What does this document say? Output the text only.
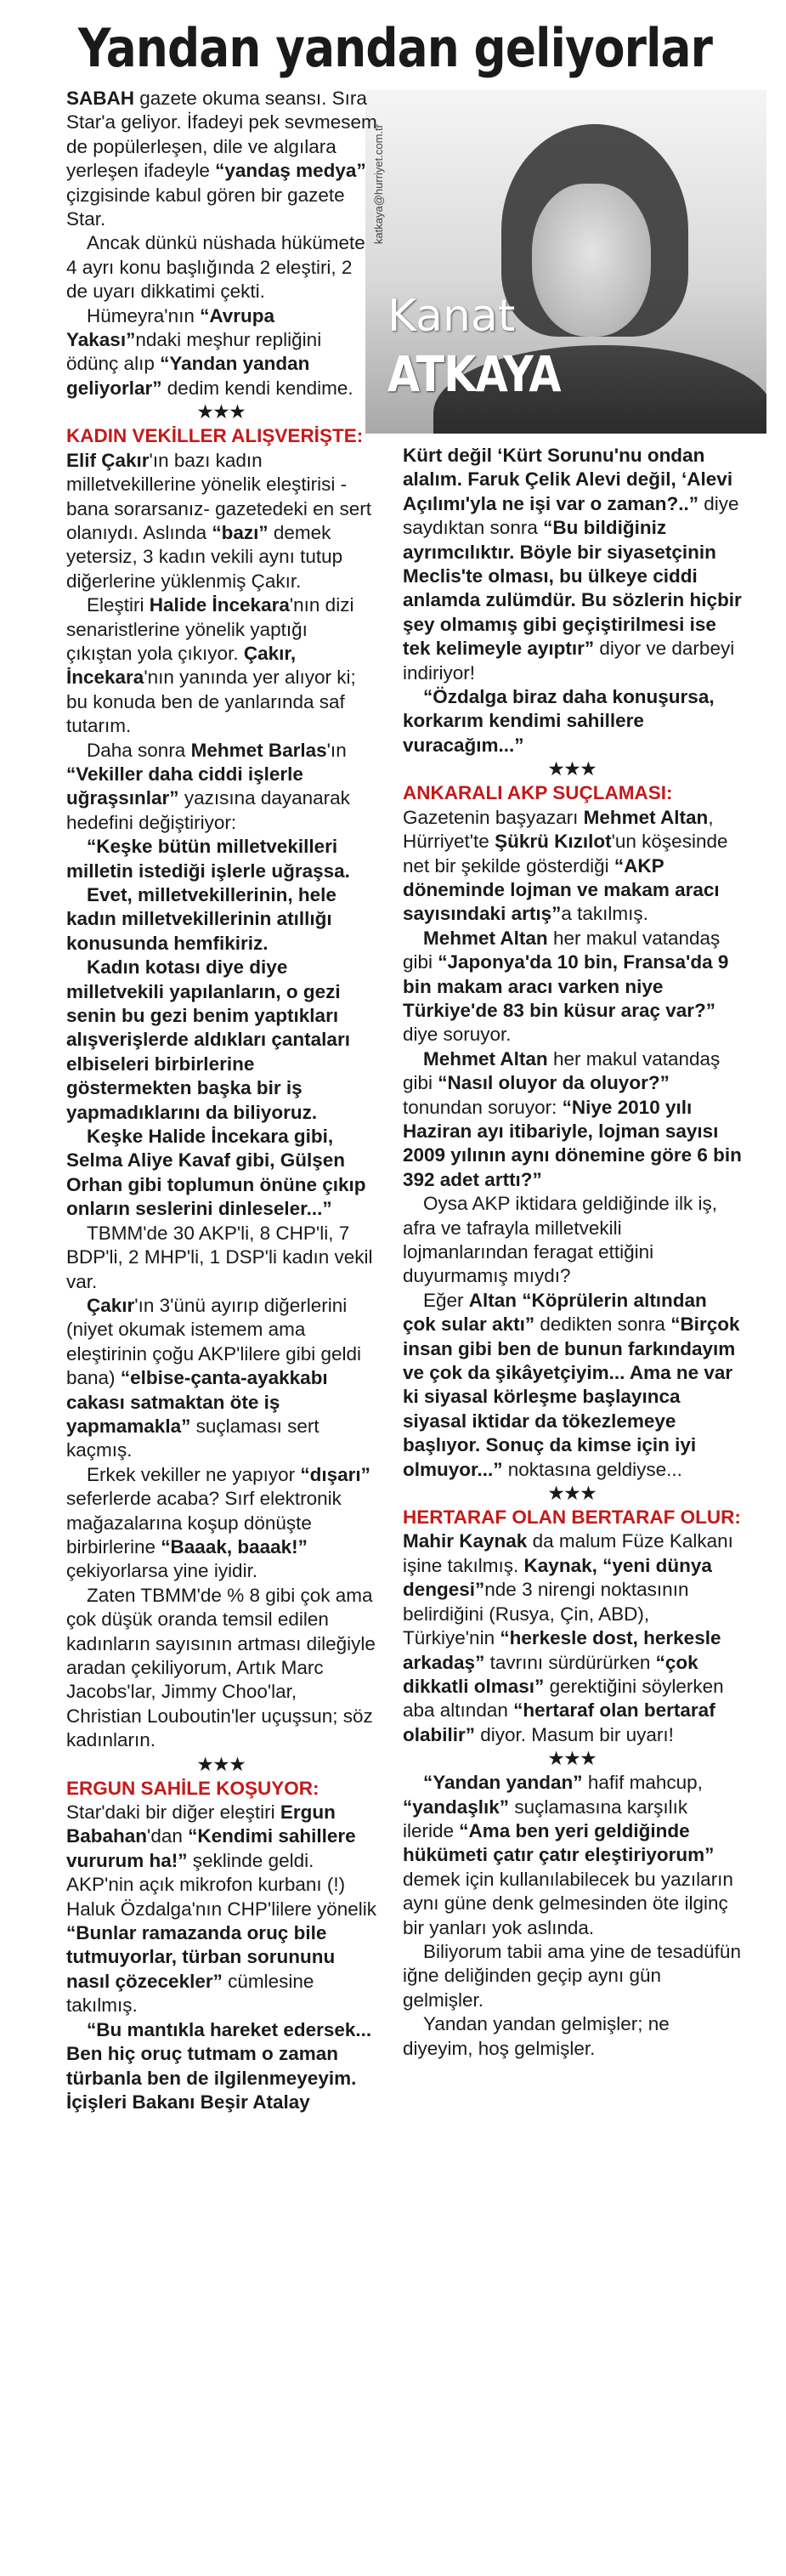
Yandan yandan geliyorlar
katkaya@hurriyet.com.tr
Kanat
ATKAYA

SABAH gazete okuma seansı. Sıra Star'a geliyor. İfadeyi pek sevmesem de popülerleşen, dile ve algılara yerleşen ifadeyle “yandaş medya” çizgisinde kabul gören bir gazete Star.

Ancak dünkü nüshada hükümete 4 ayrı konu başlığında 2 eleştiri, 2 de uyarı dikkatimi çekti.

Hümeyra'nın “Avrupa Yakası”ndaki meşhur repliğini ödünç alıp “Yandan yandan geliyorlar” dedim kendi kendime.

★★★

KADIN VEKİLLER ALIŞVERİŞTE: Elif Çakır'ın bazı kadın milletvekillerine yönelik eleştirisi -bana sorarsanız- gazetedeki en sert olanıydı. Aslında “bazı” demek yetersiz, 3 kadın vekili aynı tutup diğerlerine yüklenmiş Çakır.

Eleştiri Halide İncekara'nın dizi senaristlerine yönelik yaptığı çıkıştan yola çıkıyor. Çakır, İncekara'nın yanında yer alıyor ki; bu konuda ben de yanlarında saf tutarım.

Daha sonra Mehmet Barlas'ın “Vekiller daha ciddi işlerle uğraşsınlar” yazısına dayanarak hedefini değiştiriyor:

“Keşke bütün milletvekilleri milletin istediği işlerle uğraşsa.

Evet, milletvekillerinin, hele kadın milletvekillerinin atıllığı konusunda hemfikiriz.

Kadın kotası diye diye milletvekili yapılanların, o gezi senin bu gezi benim yaptıkları alışverişlerde aldıkları çantaları elbiseleri birbirlerine göstermekten başka bir iş yapmadıklarını da biliyoruz.

Keşke Halide İncekara gibi, Selma Aliye Kavaf gibi, Gülşen Orhan gibi toplumun önüne çıkıp onların seslerini dinleseler...”

TBMM'de 30 AKP'li, 8 CHP'li, 7 BDP'li, 2 MHP'li, 1 DSP'li kadın vekil var.

Çakır'ın 3'ünü ayırıp diğerlerini (niyet okumak istemem ama eleştirinin çoğu AKP'lilere gibi geldi bana) “elbise-çanta-ayakkabı cakası satmaktan öte iş yapmamakla” suçlaması sert kaçmış.

Erkek vekiller ne yapıyor “dışarı” seferlerde acaba? Sırf elektronik mağazalarına koşup dönüşte birbirlerine “Baaak, baaak!” çekiyorlarsa yine iyidir.

Zaten TBMM'de % 8 gibi çok ama çok düşük oranda temsil edilen kadınların sayısının artması dileğiyle aradan çekiliyorum, Artık Marc Jacobs'lar, Jimmy Choo'lar, Christian Louboutin'ler uçuşsun; söz kadınların.

★★★

ERGUN SAHİLE KOŞUYOR: Star'daki bir diğer eleştiri Ergun Babahan'dan “Kendimi sahillere vururum ha!” şeklinde geldi. AKP'nin açık mikrofon kurbanı (!) Haluk Özdalga'nın CHP'lilere yönelik “Bunlar ramazanda oruç bile tutmuyorlar, türban sorununu nasıl çözecekler” cümlesine takılmış.

“Bu mantıkla hareket edersek... Ben hiç oruç tutmam o zaman türbanla ben de ilgilenmeyeyim. İçişleri Bakanı Beşir Atalay

Kürt değil ‘Kürt Sorunu'nu ondan alalım. Faruk Çelik Alevi değil, ‘Alevi Açılımı'yla ne işi var o zaman?..” diye saydıktan sonra “Bu bildiğiniz ayrımcılıktır. Böyle bir siyasetçinin Meclis'te olması, bu ülkeye ciddi anlamda zulümdür. Bu sözlerin hiçbir şey olmamış gibi geçiştirilmesi ise tek kelimeyle ayıptır” diyor ve darbeyi indiriyor!

“Özdalga biraz daha konuşursa, korkarım kendimi sahillere vuracağım...”

★★★

ANKARALI AKP SUÇLAMASI: Gazetenin başyazarı Mehmet Altan, Hürriyet'te Şükrü Kızılot'un köşesinde net bir şekilde gösterdiği “AKP döneminde lojman ve makam aracı sayısındaki artış”a takılmış.

Mehmet Altan her makul vatandaş gibi “Japonya'da 10 bin, Fransa'da 9 bin makam aracı varken niye Türkiye'de 83 bin küsur araç var?” diye soruyor.

Mehmet Altan her makul vatandaş gibi “Nasıl oluyor da oluyor?” tonundan soruyor: “Niye 2010 yılı Haziran ayı itibariyle, lojman sayısı 2009 yılının aynı dönemine göre 6 bin 392 adet arttı?”

Oysa AKP iktidara geldiğinde ilk iş, afra ve tafrayla milletvekili lojmanlarından feragat ettiğini duyurmamış mıydı?

Eğer Altan “Köprülerin altından çok sular aktı” dedikten sonra “Birçok insan gibi ben de bunun farkındayım ve çok da şikâyetçiyim... Ama ne var ki siyasal körleşme başlayınca siyasal iktidar da tökezlemeye başlıyor. Sonuç da kimse için iyi olmuyor...” noktasına geldiyse...

★★★

HERTARAF OLAN BERTARAF OLUR: Mahir Kaynak da malum Füze Kalkanı işine takılmış. Kaynak, “yeni dünya dengesi”nde 3 nirengi noktasının belirdiğini (Rusya, Çin, ABD), Türkiye'nin “herkesle dost, herkesle arkadaş” tavrını sürdürürken “çok dikkatli olması” gerektiğini söylerken aba altından “hertaraf olan bertaraf olabilir” diyor. Masum bir uyarı!

★★★

“Yandan yandan” hafif mahcup, “yandaşlık” suçlamasına karşılık ileride “Ama ben yeri geldiğinde hükümeti çatır çatır eleştiriyorum” demek için kullanılabilecek bu yazıların aynı güne denk gelmesinden öte ilginç bir yanları yok aslında.

Biliyorum tabii ama yine de tesadüfün iğne deliğinden geçip aynı gün gelmişler.

Yandan yandan gelmişler; ne diyeyim, hoş gelmişler.
